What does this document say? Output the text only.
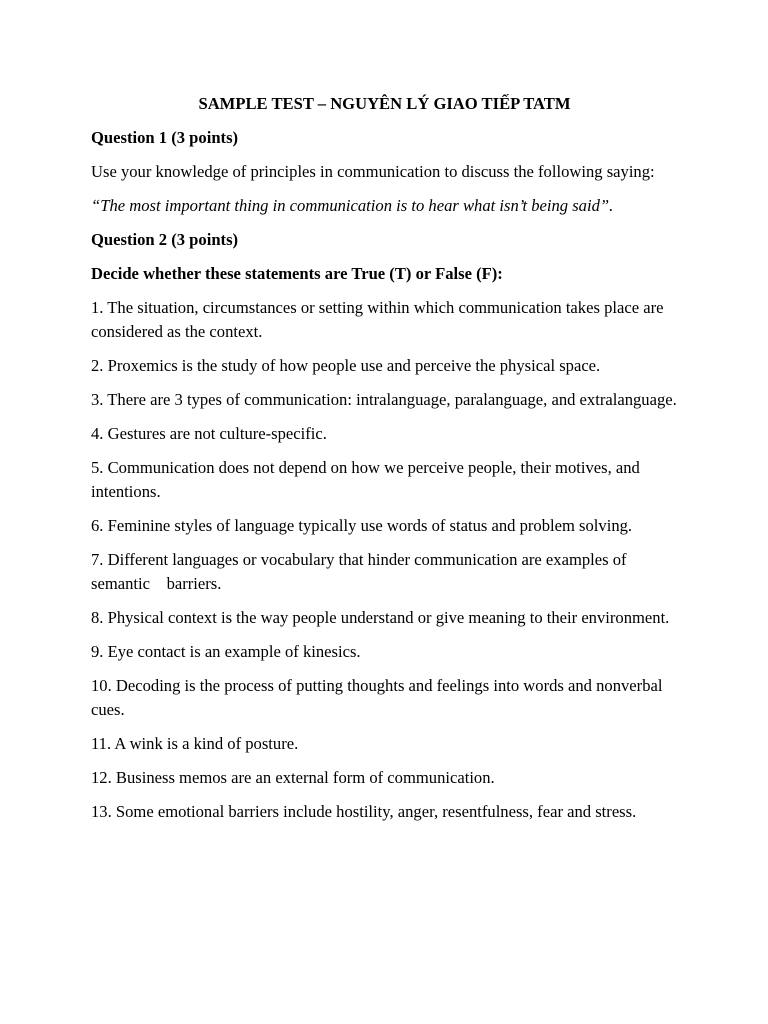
SAMPLE TEST – NGUYÊN LÝ GIAO TIẾP TATM

Question 1 (3 points)

Use your knowledge of principles in communication to discuss the following saying:

“The most important thing in communication is to hear what isn’t being said”.

Question 2 (3 points)

Decide whether these statements are True (T) or False (F):

1. The situation, circumstances or setting within which communication takes place are considered as the context.

2. Proxemics is the study of how people use and perceive the physical space.

3. There are 3 types of communication: intralanguage, paralanguage, and extralanguage.

4. Gestures are not culture-specific.

5. Communication does not depend on how we perceive people, their motives, and intentions.

6. Feminine styles of language typically use words of status and problem solving.

7. Different languages or vocabulary that hinder communication are examples of semantic    barriers.

8. Physical context is the way people understand or give meaning to their environment.

9. Eye contact is an example of kinesics.

10. Decoding is the process of putting thoughts and feelings into words and nonverbal cues.

11. A wink is a kind of posture.

12. Business memos are an external form of communication.

13. Some emotional barriers include hostility, anger, resentfulness, fear and stress.
